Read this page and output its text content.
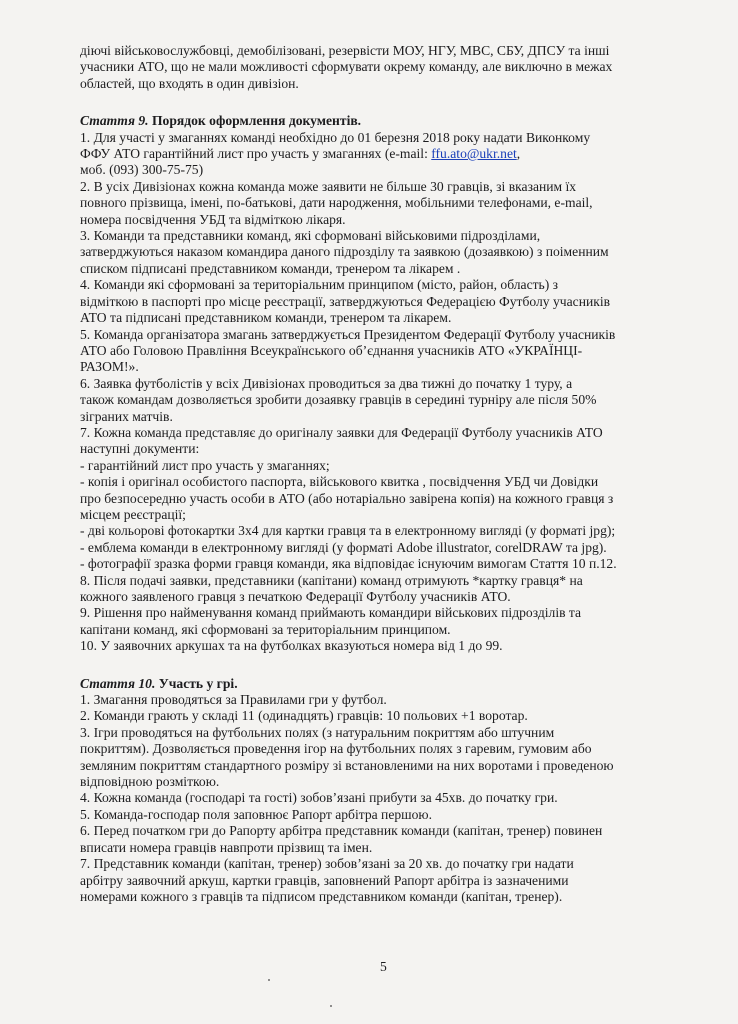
діючі військовослужбовці, демобілізовані, резервісти МОУ, НГУ, МВС, СБУ, ДПСУ та інші
учасники АТО, що не мали можливості сформувати окрему команду, але виключно в межах
областей, що входять в один дивізіон.
Стаття 9. Порядок оформлення документів.
1. Для участі у змаганнях команді необхідно до 01 березня 2018 року надати Виконкому
ФФУ АТО гарантійний лист про участь у змаганнях (e-mail: ffu.ato@ukr.net,
моб. (093) 300-75-75)
2. В усіх Дивізіонах кожна команда може заявити не більше 30 гравців, зі вказаним їх
повного прізвища, імені, по-батькові, дати народження, мобільними телефонами, e-mail,
номера посвідчення УБД та відміткою лікаря.
3. Команди та представники команд, які сформовані військовими підрозділами,
затверджуються наказом командира даного підрозділу та заявкою (дозаявкою) з поіменним
списком підписані представником команди, тренером та лікарем .
4. Команди які сформовані за територіальним принципом (місто, район, область) з
відміткою в паспорті про місце реєстрації, затверджуються Федерацією Футболу учасників
АТО та підписані представником команди, тренером та лікарем.
5. Команда організатора змагань затверджується Президентом Федерації Футболу учасників
АТО або Головою Правління Всеукраїнського об’єднання учасників АТО «УКРАЇНЦІ-
РАЗОМ!».
6. Заявка футболістів у всіх Дивізіонах проводиться за два тижні до початку 1 туру, а
також командам дозволяється зробити дозаявку гравців в середині турніру але після 50%
зіграних матчів.
7. Кожна команда представляє до оригіналу заявки для Федерації Футболу учасників АТО
наступні документи:
- гарантійний лист про участь у змаганнях;
- копія і оригінал особистого паспорта, військового квитка , посвідчення УБД чи Довідки
про безпосередню участь особи в АТО (або нотаріально завірена копія) на кожного гравця з
місцем реєстрації;
- дві кольорові фотокартки 3х4 для картки гравця та в електронному вигляді (у форматі jpg);
- емблема команди в електронному вигляді (у форматі Adobe illustrator, corelDRAW та jpg).
- фотографії зразка форми гравця команди, яка відповідає існуючим вимогам Стаття 10 п.12.
8. Після подачі заявки, представники (капітани) команд отримують *картку гравця* на
кожного заявленого гравця з печаткою Федерації Футболу учасників АТО.
9. Рішення про найменування команд приймають командири військових підрозділів та
капітани команд, які сформовані за територіальним принципом.
10. У заявочних аркушах та на футболках вказуються номера від 1 до 99.
Стаття 10. Участь у грі.
1. Змагання проводяться за Правилами гри у футбол.
2. Команди грають у складі 11 (одинадцять) гравців: 10 польових +1 воротар.
3. Ігри проводяться на футбольних полях (з натуральним покриттям або штучним
покриттям). Дозволяється проведення ігор на футбольних полях з гаревим, гумовим або
земляним покриттям стандартного розміру зі встановленими на них воротами і проведеною
відповідною розміткою.
4. Кожна команда (господарі та гості) зобов’язані прибути за 45хв. до початку гри.
5. Команда-господар поля заповнює Рапорт арбітра першою.
6. Перед початком гри до Рапорту арбітра представник команди (капітан, тренер) повинен
вписати номера гравців навпроти прізвищ та імен.
7. Представник команди (капітан, тренер) зобов’язані за 20 хв. до початку гри надати
арбітру заявочний аркуш, картки гравців, заповнений Рапорт арбітра із зазначеними
номерами кожного з гравців та підписом представником команди (капітан, тренер).
5
